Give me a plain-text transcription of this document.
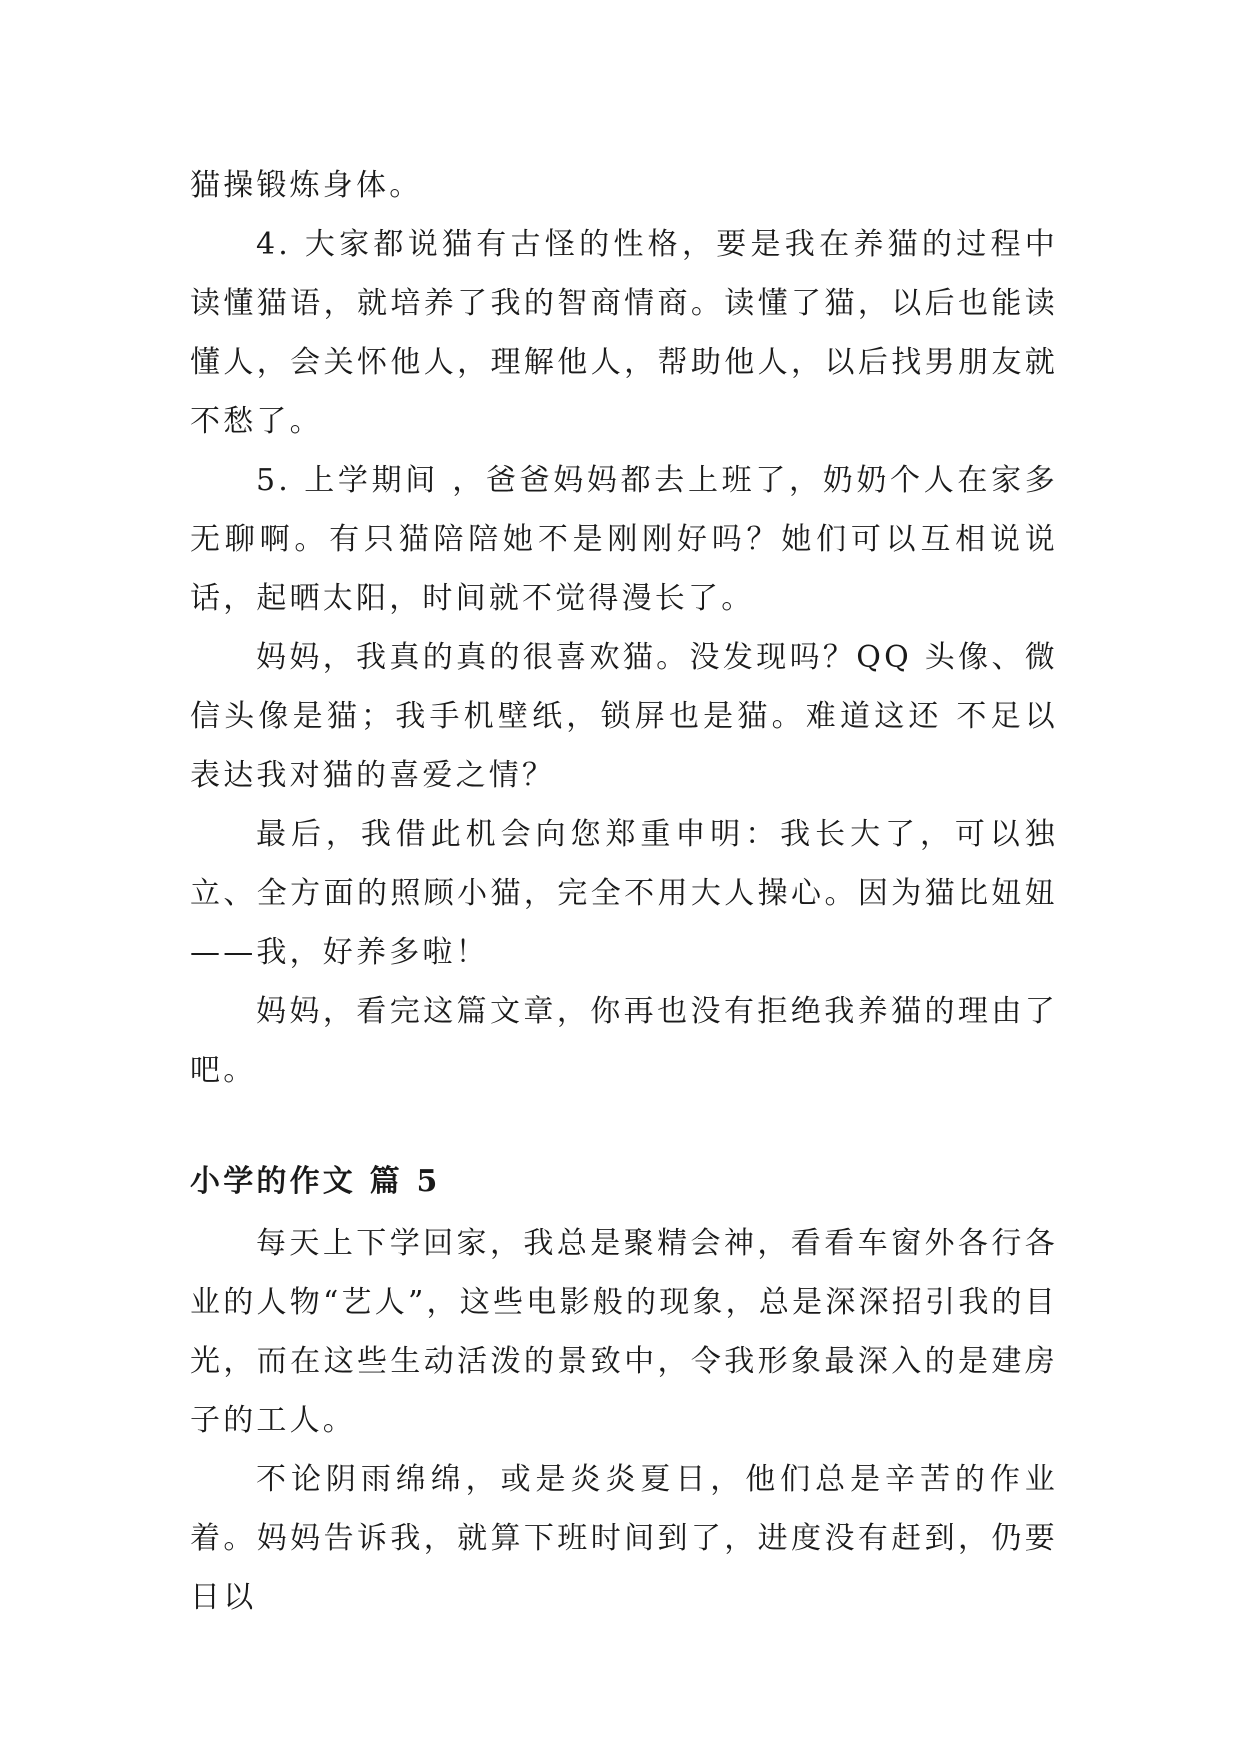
猫操锻炼身体。

4. 大家都说猫有古怪的性格，要是我在养猫的过程中读懂猫语，就培养了我的智商情商。读懂了猫，以后也能读懂人，会关怀他人，理解他人，帮助他人，以后找男朋友就不愁了。

5. 上学期间 ，爸爸妈妈都去上班了，奶奶个人在家多无聊啊。有只猫陪陪她不是刚刚好吗？她们可以互相说说话，起晒太阳，时间就不觉得漫长了。

妈妈，我真的真的很喜欢猫。没发现吗？QQ 头像、微信头像是猫；我手机壁纸，锁屏也是猫。难道这还 不足以表达我对猫的喜爱之情？

最后，我借此机会向您郑重申明：我长大了，可以独立、全方面的照顾小猫，完全不用大人操心。因为猫比妞妞——我，好养多啦！

妈妈，看完这篇文章，你再也没有拒绝我养猫的理由了吧。

小学的作文 篇 5

每天上下学回家，我总是聚精会神，看看车窗外各行各业的人物“艺人”，这些电影般的现象，总是深深招引我的目光，而在这些生动活泼的景致中，令我形象最深入的是建房子的工人。

不论阴雨绵绵，或是炎炎夏日，他们总是辛苦的作业着。妈妈告诉我，就算下班时间到了，进度没有赶到，仍要日以
